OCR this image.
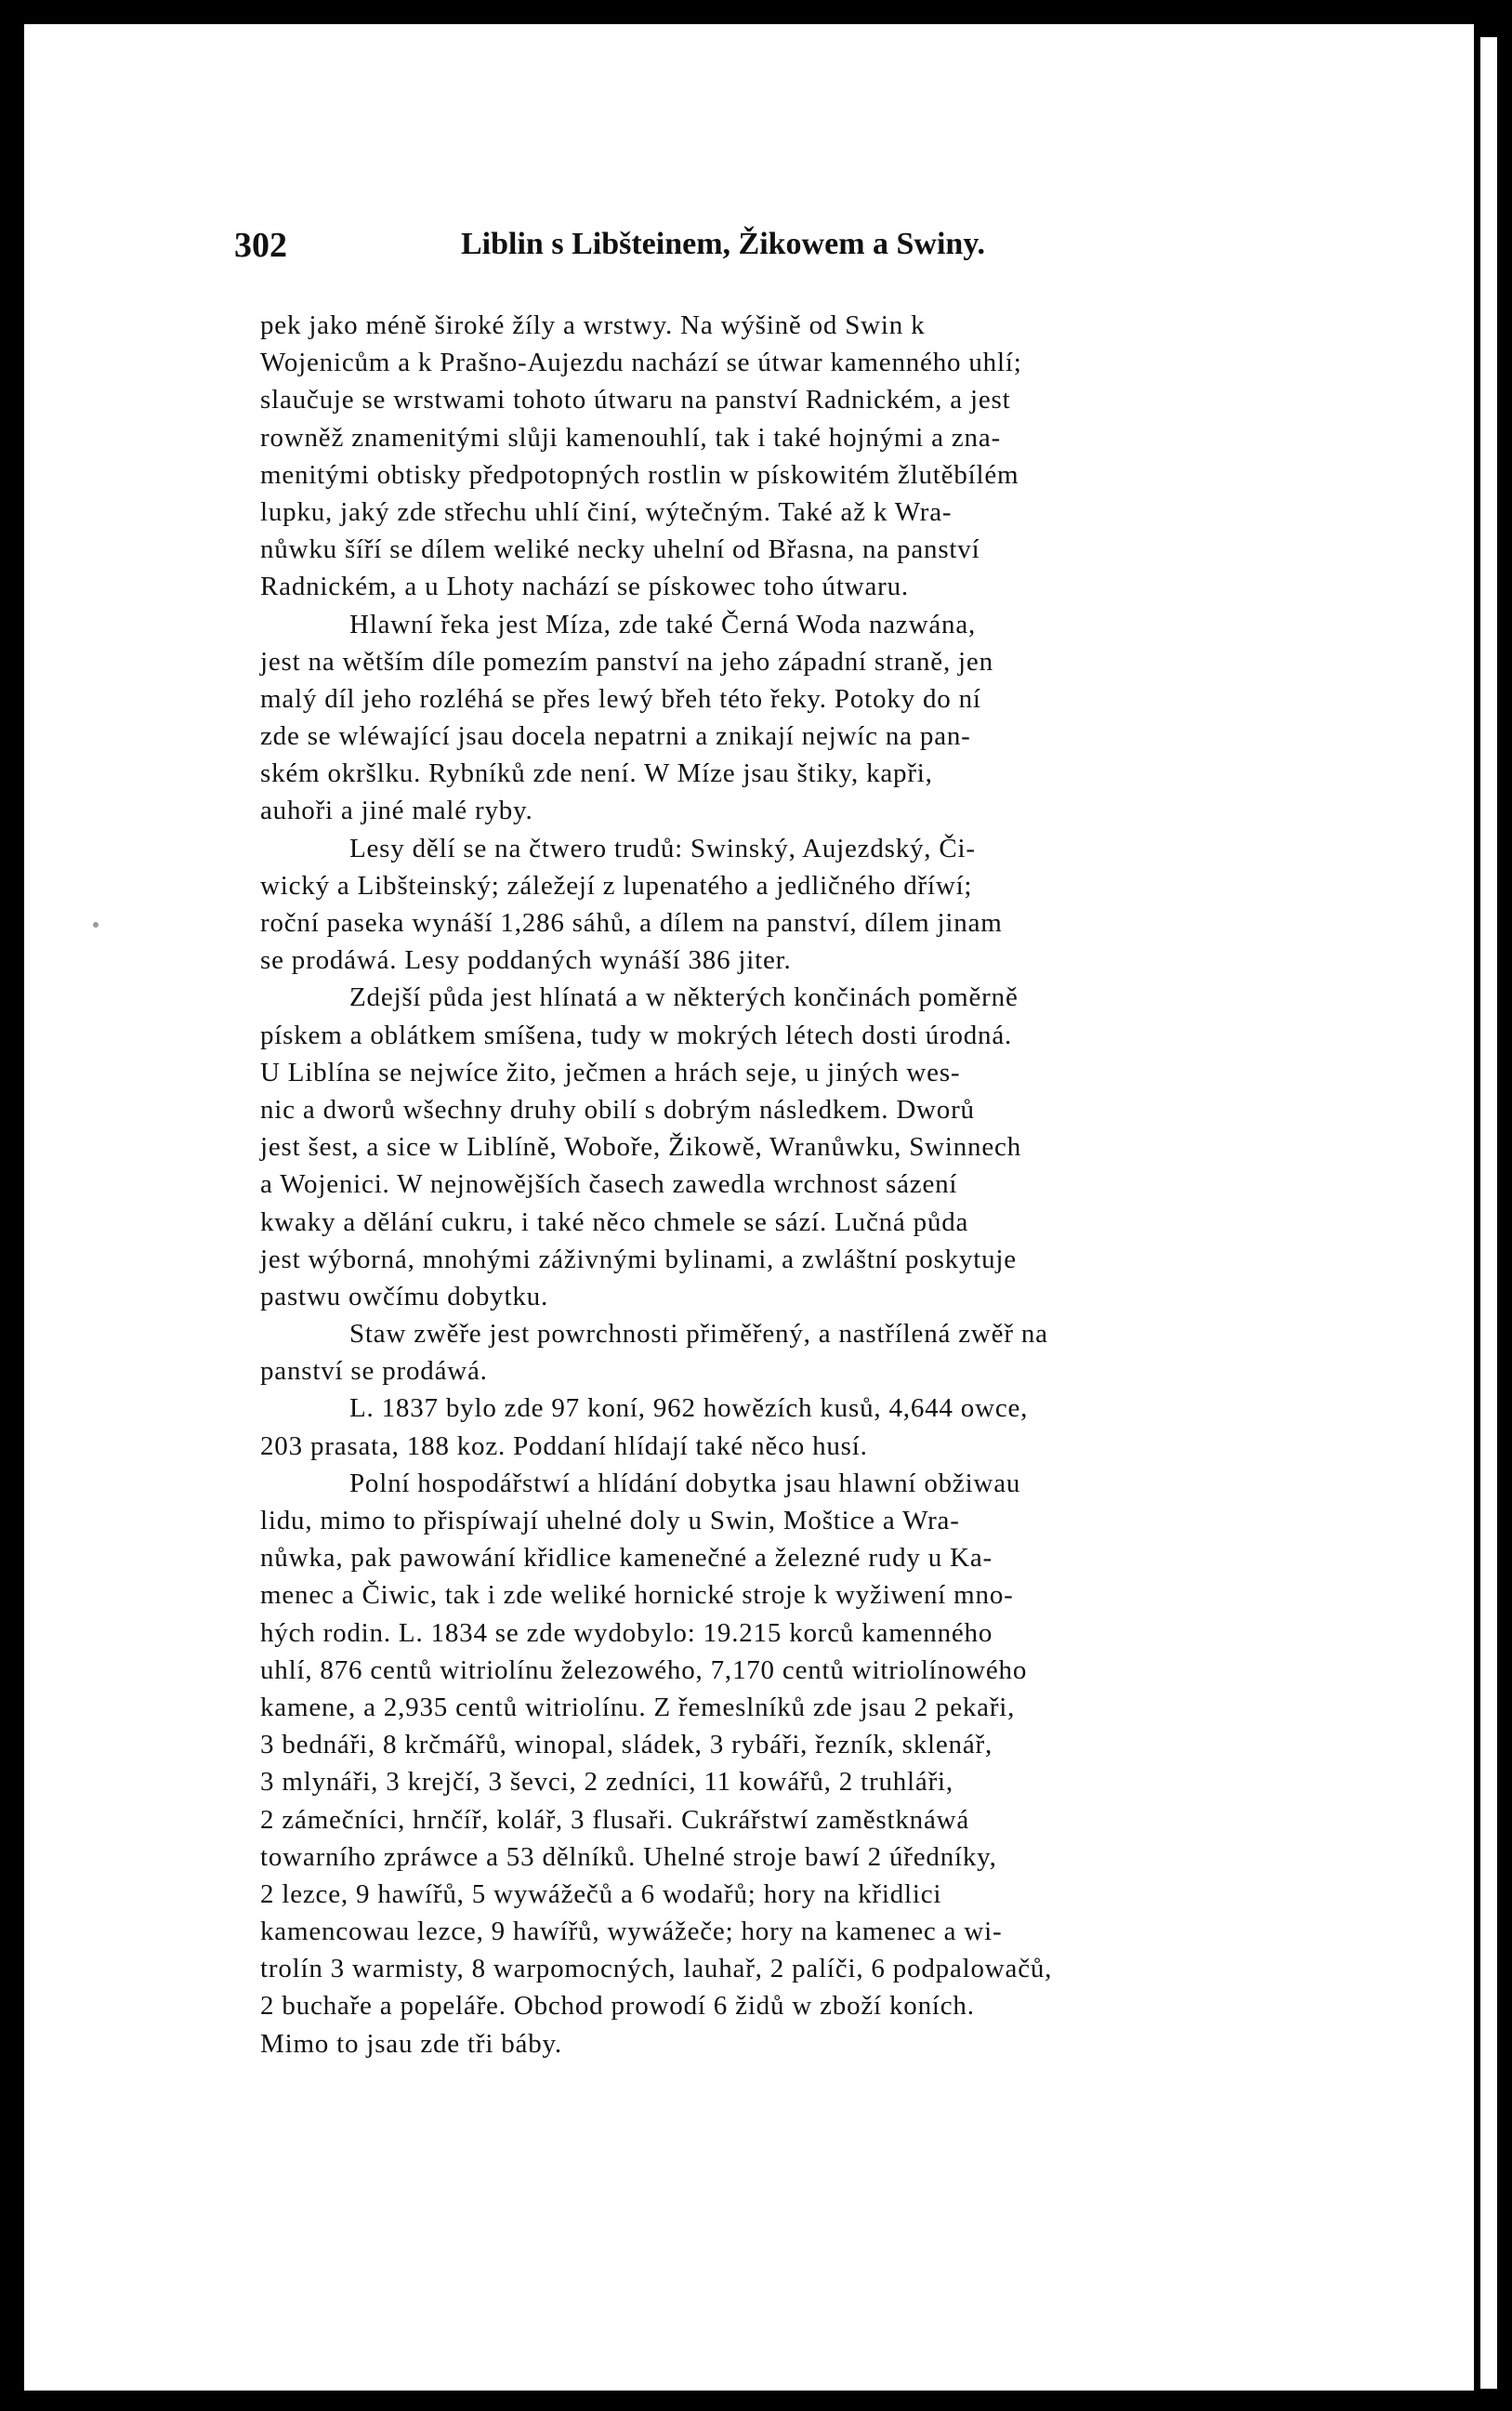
302	Liblin s Libšteinem, Žikowem a Swiny.
pek jako méně široké žíly a wrstwy. Na wýšině od Swin k
Wojenicům a k Prašno-Aujezdu nachází se útwar kamenného uhlí;
slaučuje se wrstwami tohoto útwaru na panství Radnickém, a jest
rowněž znamenitými slůji kamenouhlí, tak i také hojnými a zna-
menitými obtisky předpotopných rostlin w pískowitém žlutěbílém
lupku, jaký zde střechu uhlí činí, wýtečným. Také až k Wra-
nůwku šíří se dílem weliké necky uhelní od Břasna, na panství
Radnickém, a u Lhoty nachází se pískowec toho útwaru.
Hlawní řeka jest Míza, zde také Černá Woda nazwána,
jest na wětším díle pomezím panství na jeho západní straně, jen
malý díl jeho rozléhá se přes lewý břeh této řeky. Potoky do ní
zde se wléwající jsau docela nepatrni a znikají nejwíc na pan-
ském okršlku. Rybníků zde není. W Míze jsau štiky, kapři,
auhoři a jiné malé ryby.
Lesy dělí se na čtwero trudů: Swinský, Aujezdský, Či-
wický a Libšteinský; záležejí z lupenatého a jedličného dříwí;
roční paseka wynáší 1,286 sáhů, a dílem na panství, dílem jinam
se prodáwá. Lesy poddaných wynáší 386 jiter.
Zdejší půda jest hlínatá a w některých končinách poměrně
pískem a oblátkem smíšena, tudy w mokrých létech dosti úrodná.
U Liblína se nejwíce žito, ječmen a hrách seje, u jiných wes-
nic a dworů wšechny druhy obilí s dobrým následkem. Dworů
jest šest, a sice w Liblíně, Woboře, Žikowě, Wranůwku, Swinnech
a Wojenici. W nejnowějších časech zawedla wrchnost sázení
kwaky a dělání cukru, i také něco chmele se sází. Lučná půda
jest wýborná, mnohými záživnými bylinami, a zwláštní poskytuje
pastwu owčímu dobytku.
Staw zwěře jest powrchnosti přiměřený, a nastřílená zwěř na
panství se prodáwá.
L. 1837 bylo zde 97 koní, 962 howězích kusů, 4,644 owce,
203 prasata, 188 koz. Poddaní hlídají také něco husí.
Polní hospodářstwí a hlídání dobytka jsau hlawní obžiwau
lidu, mimo to přispíwají uhelné doly u Swin, Moštice a Wra-
nůwka, pak pawowání křidlice kamenečné a železné rudy u Ka-
menec a Čiwic, tak i zde weliké hornické stroje k wyžiwení mno-
hých rodin. L. 1834 se zde wydobylo: 19.215 korců kamenného
uhlí, 876 centů witriolínu železowého, 7,170 centů witriolínowého
kamene, a 2,935 centů witriolínu. Z řemeslníků zde jsau 2 pekaři,
3 bednáři, 8 krčmářů, winopal, sládek, 3 rybáři, řezník, sklenář,
3 mlynáři, 3 krejčí, 3 ševci, 2 zedníci, 11 kowářů, 2 truhláři,
2 zámečníci, hrnčíř, kolář, 3 flusaři. Cukrářstwí zaměstknáwá
towarního zpráwce a 53 dělníků. Uhelné stroje bawí 2 úředníky,
2 lezce, 9 hawířů, 5 wywážečů a 6 wodařů; hory na křidlici
kamencowau lezce, 9 hawířů, wywážeče; hory na kamenec a wi-
trolín 3 warmisty, 8 warpomocných, lauhař, 2 palíči, 6 podpalowačů,
2 buchaře a popeláře. Obchod prowodí 6 židů w zboží koních.
Mimo to jsau zde tři báby.
